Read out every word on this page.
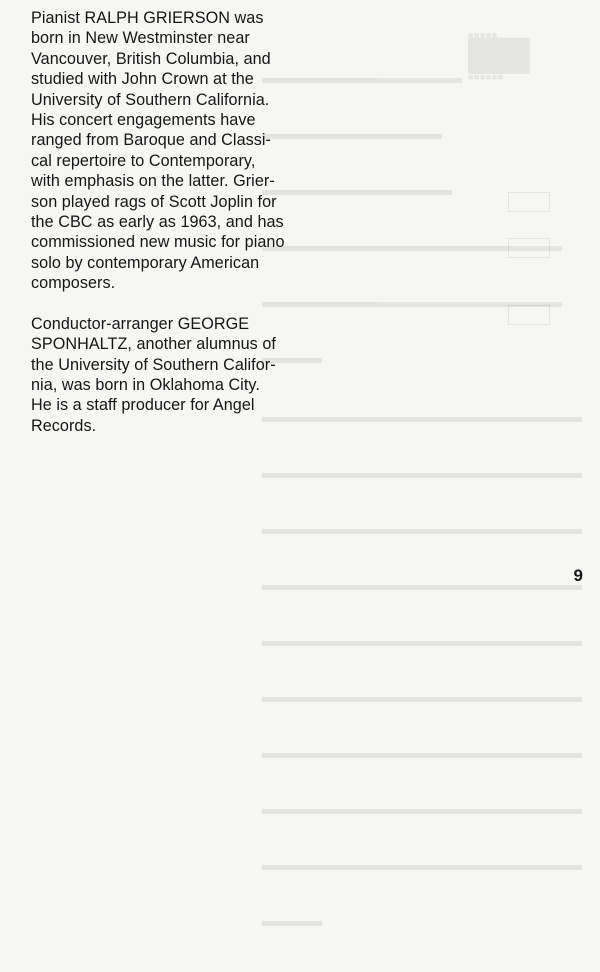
■■■■■
███
■■■■■■

Pianist RALPH GRIERSON was
born in New Westminster near
Vancouver, British Columbia, and
studied with John Crown at the
University of Southern California.
His concert engagements have
ranged from Baroque and Classi-
cal repertoire to Contemporary,
with emphasis on the latter. Grier-
son played rags of Scott Joplin for
the CBC as early as 1963, and has
commissioned new music for piano
solo by contemporary American
composers.

Conductor-arranger GEORGE
SPONHALTZ, another alumnus of
the University of Southern Califor-
nia, was born in Oklahoma City.
He is a staff producer for Angel
Records.

9
